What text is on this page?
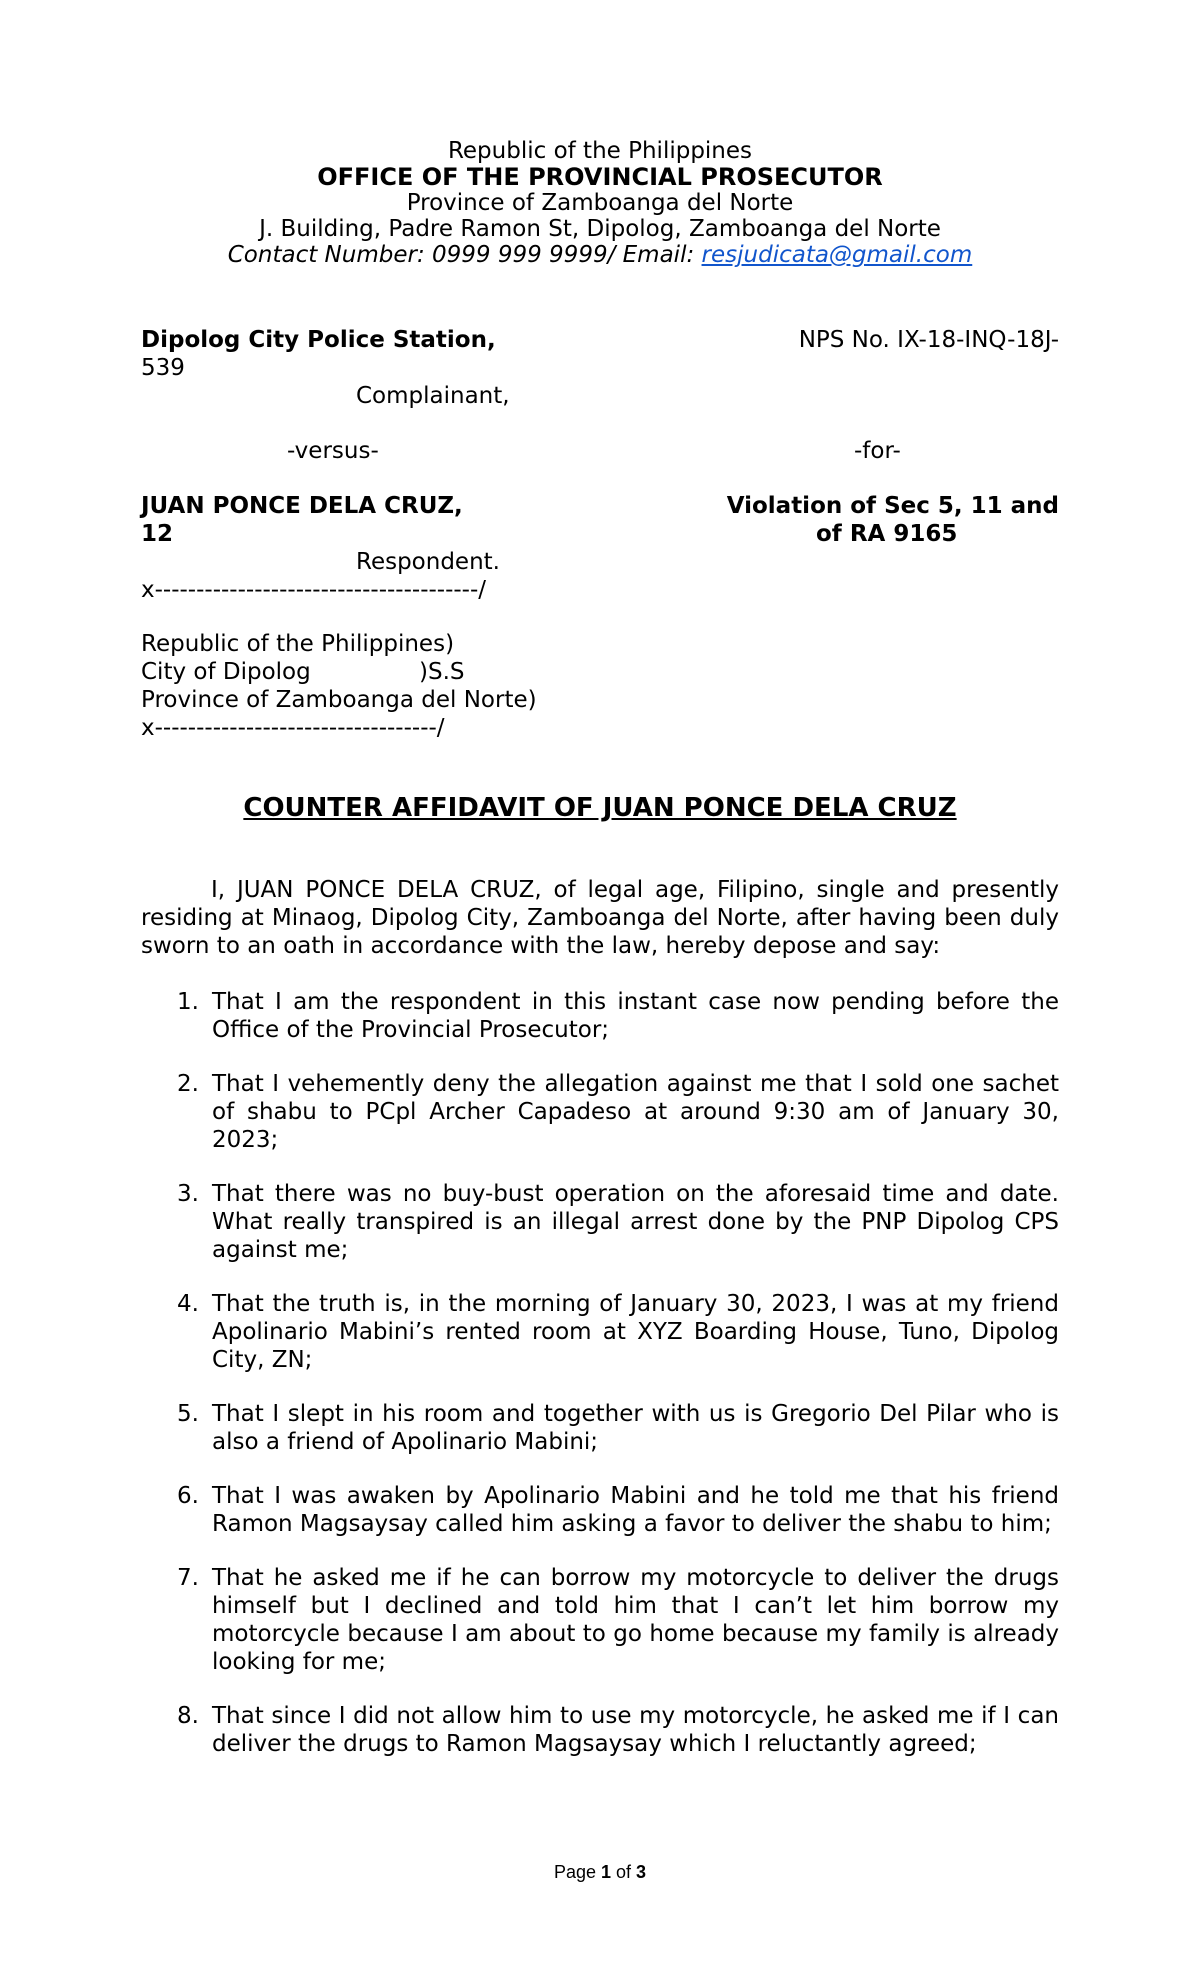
Republic of the Philippines
OFFICE OF THE PROVINCIAL PROSECUTOR
Province of Zamboanga del Norte
J. Building, Padre Ramon St, Dipolog, Zamboanga del Norte
Contact Number: 0999 999 9999/ Email: resjudicata@gmail.com
Dipolog City Police Station,
539
Complainant,
-versus-
JUAN PONCE DELA CRUZ,
12
Respondent.
x---------------------------------------/
NPS No. IX-18-INQ-18J-
-for-
Violation of Sec 5, 11 and
of RA 9165
Republic of the Philippines)
City of Dipolog	)S.S
Province of Zamboanga del Norte)
x----------------------------------/
COUNTER AFFIDAVIT OF JUAN PONCE DELA CRUZ

I, JUAN PONCE DELA CRUZ, of legal age, Filipino, single and presently residing at Minaog, Dipolog City, Zamboanga del Norte, after having been duly sworn to an oath in accordance with the law, hereby depose and say:

1. That I am the respondent in this instant case now pending before the Office of the Provincial Prosecutor;
2. That I vehemently deny the allegation against me that I sold one sachet of shabu to PCpl Archer Capadeso at around 9:30 am of January 30, 2023;
3. That there was no buy-bust operation on the aforesaid time and date. What really transpired is an illegal arrest done by the PNP Dipolog CPS against me;
4. That the truth is, in the morning of January 30, 2023, I was at my friend Apolinario Mabini’s rented room at XYZ Boarding House, Tuno, Dipolog City, ZN;
5. That I slept in his room and together with us is Gregorio Del Pilar who is also a friend of Apolinario Mabini;
6. That I was awaken by Apolinario Mabini and he told me that his friend Ramon Magsaysay called him asking a favor to deliver the shabu to him;
7. That he asked me if he can borrow my motorcycle to deliver the drugs himself but I declined and told him that I can’t let him borrow my motorcycle because I am about to go home because my family is already looking for me;
8. That since I did not allow him to use my motorcycle, he asked me if I can deliver the drugs to Ramon Magsaysay which I reluctantly agreed;
Page 1 of 3
